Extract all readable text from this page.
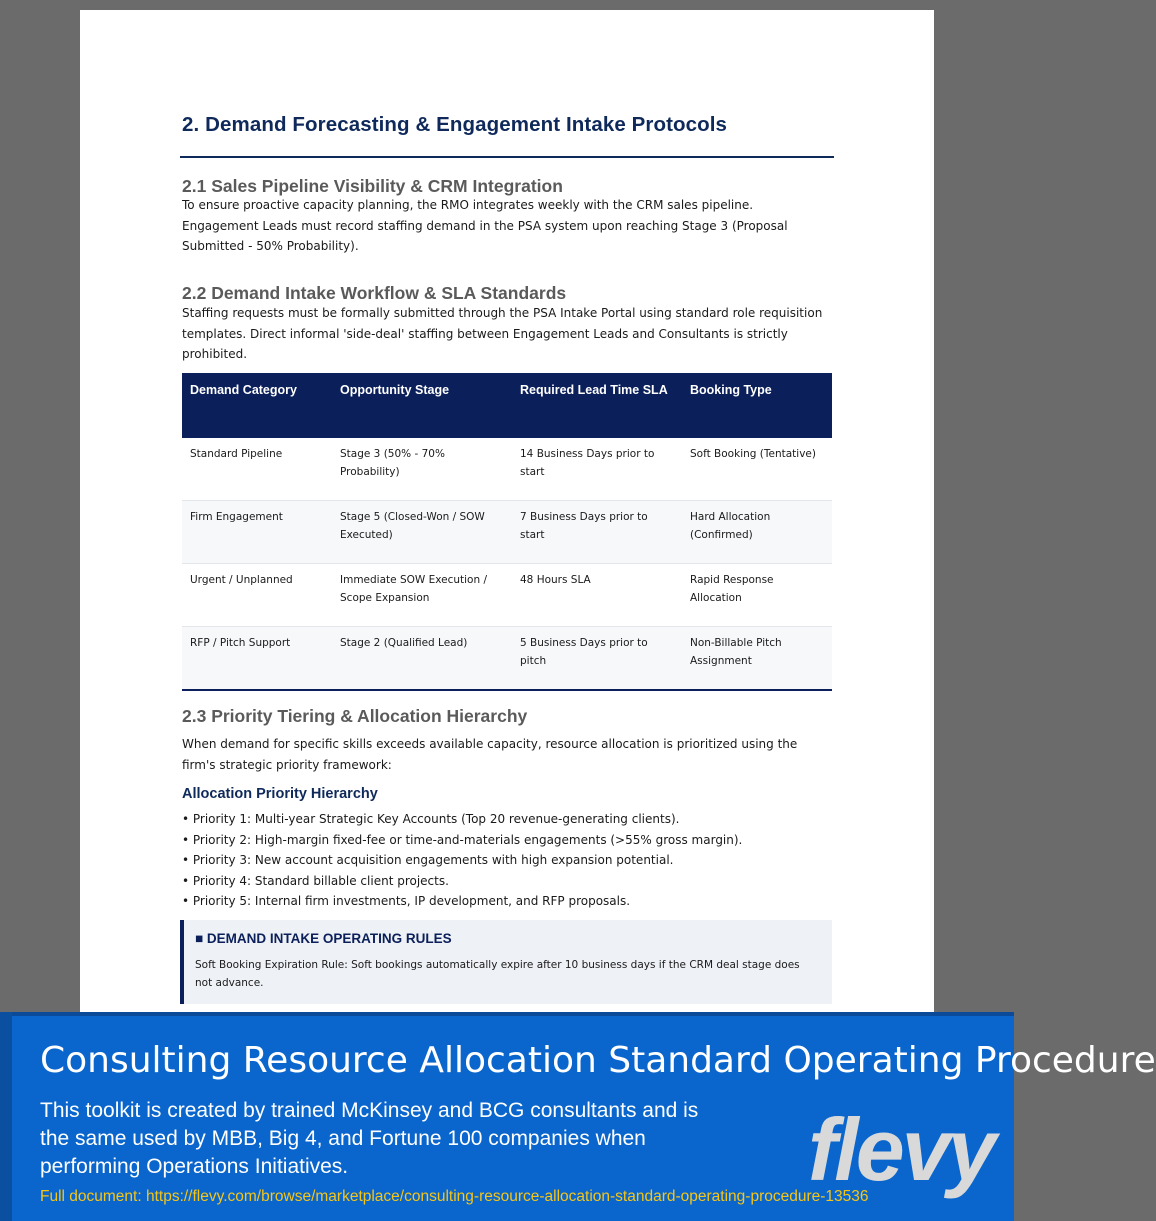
2. Demand Forecasting & Engagement Intake Protocols
2.1 Sales Pipeline Visibility & CRM Integration

To ensure proactive capacity planning, the RMO integrates weekly with the CRM sales pipeline. Engagement Leads must record staffing demand in the PSA system upon reaching Stage 3 (Proposal Submitted - 50% Probability).

2.2 Demand Intake Workflow & SLA Standards

Staffing requests must be formally submitted through the PSA Intake Portal using standard role requisition templates. Direct informal 'side-deal' staffing between Engagement Leads and Consultants is strictly prohibited.

Demand Category	Opportunity Stage	Required Lead Time SLA	Booking Type
Standard Pipeline	Stage 3 (50% - 70% Probability)	14 Business Days prior to start	Soft Booking (Tentative)
Firm Engagement	Stage 5 (Closed-Won / SOW Executed)	7 Business Days prior to start	Hard Allocation (Confirmed)
Urgent / Unplanned	Immediate SOW Execution / Scope Expansion	48 Hours SLA	Rapid Response Allocation
RFP / Pitch Support	Stage 2 (Qualified Lead)	5 Business Days prior to pitch	Non-Billable Pitch Assignment
2.3 Priority Tiering & Allocation Hierarchy

When demand for specific skills exceeds available capacity, resource allocation is prioritized using the firm's strategic priority framework:

Allocation Priority Hierarchy
• Priority 1: Multi-year Strategic Key Accounts (Top 20 revenue-generating clients).
• Priority 2: High-margin fixed-fee or time-and-materials engagements (>55% gross margin).
• Priority 3: New account acquisition engagements with high expansion potential.
• Priority 4: Standard billable client projects.
• Priority 5: Internal firm investments, IP development, and RFP proposals.
■ DEMAND INTAKE OPERATING RULES
Soft Booking Expiration Rule: Soft bookings automatically expire after 10 business days if the CRM deal stage does not advance.
Consulting Resource Allocation Standard Operating Procedure
This toolkit is created by trained McKinsey and BCG consultants and is the same used by MBB, Big 4, and Fortune 100 companies when performing Operations Initiatives.
Full document: https://flevy.com/browse/marketplace/consulting-resource-allocation-standard-operating-procedure-13536
flevy
